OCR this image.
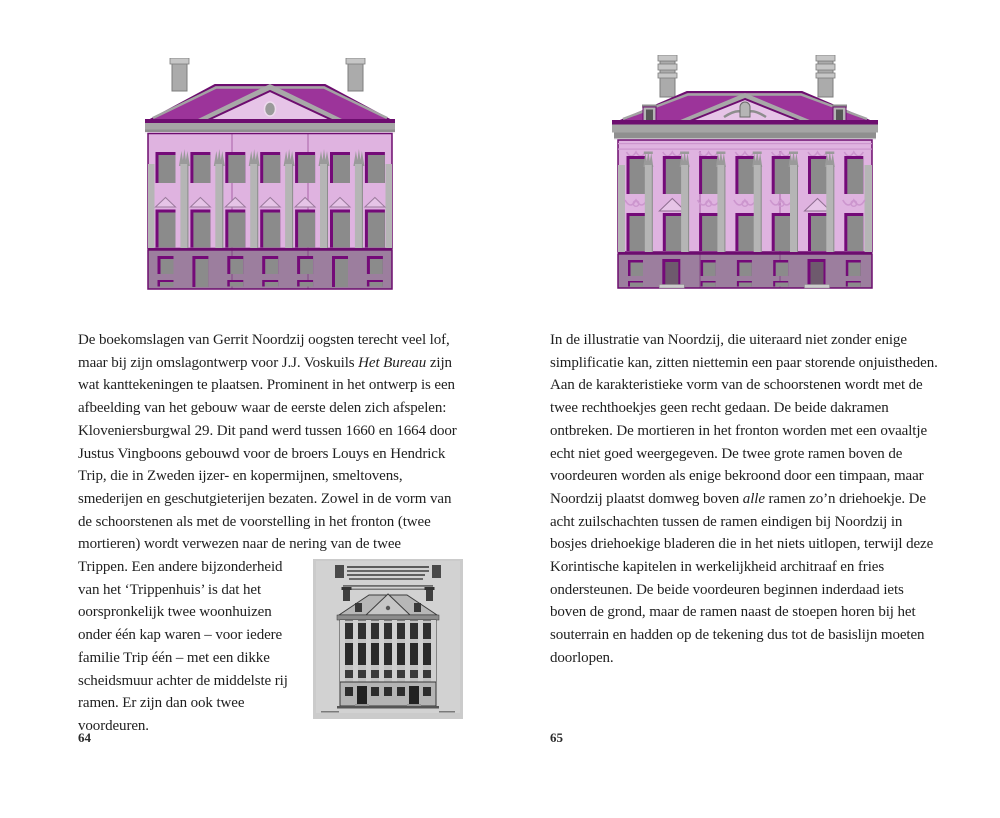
De boekomslagen van Gerrit Noordzij oogsten terecht veel lof, maar bij zijn omslagontwerp voor J.J. Voskuils Het Bureau zijn wat kanttekeningen te plaatsen. Prominent in het ontwerp is een afbeelding van het gebouw waar de eerste delen zich afspelen: Kloveniersburgwal 29. Dit pand werd tussen 1660 en 1664 door Justus Vingboons gebouwd voor de broers Louys en Hendrick Trip, die in Zweden ijzer- en kopermijnen, smeltovens, smederijen en geschutgieterijen bezaten. Zowel in de vorm van de schoorstenen als met de voorstelling in het fronton (twee mortieren) wordt verwezen naar de nering van de twee
Trippen. Een andere bijzonderheid van het ‘Trippenhuis’ is dat het oorspronkelijk twee woonhuizen onder één kap waren – voor iedere familie Trip één – met een dikke scheidsmuur achter de middelste rij ramen. Er zijn dan ook twee voordeuren.
In de illustratie van Noordzij, die uiteraard niet zonder enige simplificatie kan, zitten niettemin een paar storende onjuistheden. Aan de karakteristieke vorm van de schoorstenen wordt met de twee rechthoekjes geen recht gedaan. De beide dakramen ontbreken. De mortieren in het fronton worden met een ovaaltje echt niet goed weergegeven. De twee grote ramen boven de voordeuren worden als enige bekroond door een timpaan, maar Noordzij plaatst domweg boven alle ramen zo’n driehoekje. De acht zuilschachten tussen de ramen eindigen bij Noordzij in bosjes driehoekige bladeren die in het niets uitlopen, terwijl deze Korintische kapitelen in werkelijkheid architraaf en fries ondersteunen. De beide voordeuren beginnen inderdaad iets boven de grond, maar de ramen naast de stoepen horen bij het souterrain en hadden op de tekening dus tot de basislijn moeten doorlopen.
64	65
